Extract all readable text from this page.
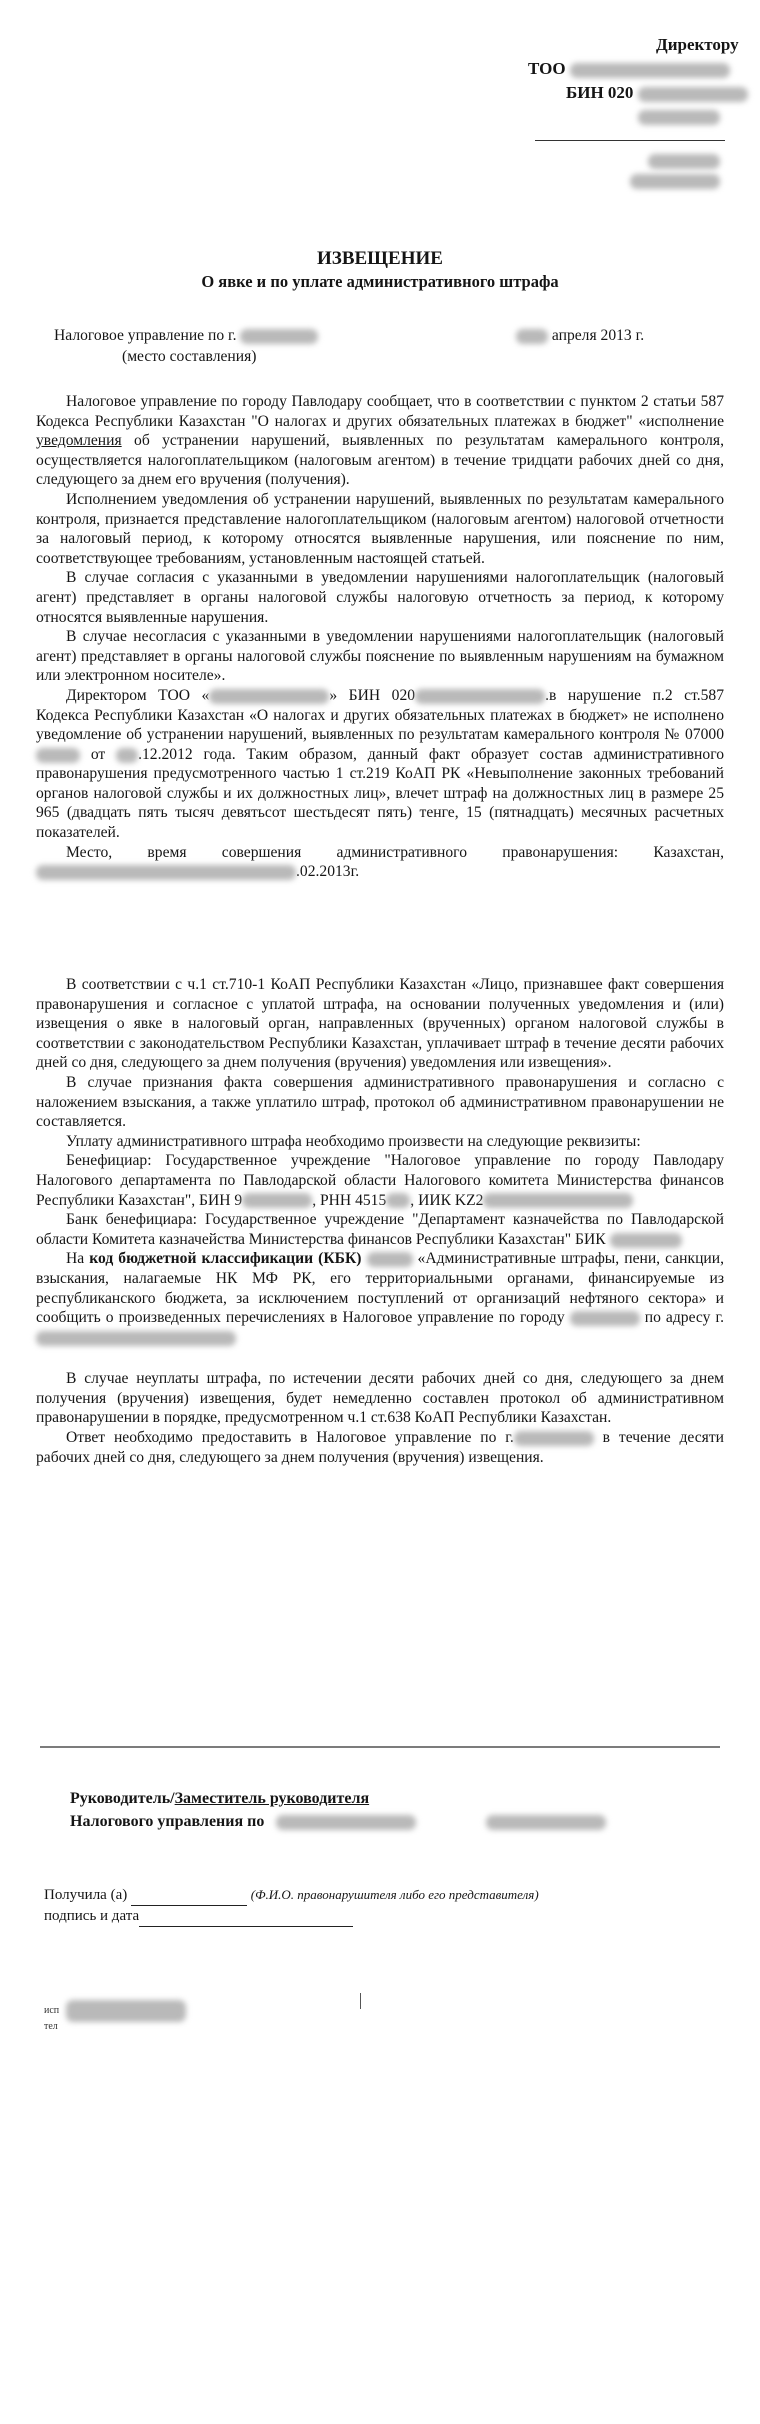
Директору
ТОО
БИН 020
ИЗВЕЩЕНИЕ
О явке и по уплате административного штрафа
Налоговое управление по г.	апреля 2013 г.
(место составления)

Налоговое управление по городу Павлодару сообщает, что в соответствии с пунктом 2 статьи 587 Кодекса Республики Казахстан "О налогах и других обязательных платежах в бюджет" «исполнение уведомления об устранении нарушений, выявленных по результатам камерального контроля, осуществляется налогоплательщиком (налоговым агентом) в течение тридцати рабочих дней со дня, следующего за днем его вручения (получения).

Исполнением уведомления об устранении нарушений, выявленных по результатам камерального контроля, признается представление налогоплательщиком (налоговым агентом) налоговой отчетности за налоговый период, к которому относятся выявленные нарушения, или пояснение по ним, соответствующее требованиям, установленным настоящей статьей.

В случае согласия с указанными в уведомлении нарушениями налогоплательщик (налоговый агент) представляет в органы налоговой службы налоговую отчетность за период, к которому относятся выявленные нарушения.

В случае несогласия с указанными в уведомлении нарушениями налогоплательщик (налоговый агент) представляет в органы налоговой службы пояснение по выявленным нарушениям на бумажном или электронном носителе».

Директором ТОО «	» БИН 020	.в нарушение п.2 ст.587 Кодекса Республики Казахстан «О налогах и других обязательных платежах в бюджет» не исполнено уведомление об устранении нарушений, выявленных по результатам камерального контроля № 07000 от .12.2012 года. Таким образом, данный факт образует состав административного правонарушения предусмотренного частью 1 ст.219 КоАП РК «Невыполнение законных требований органов налоговой службы и их должностных лиц», влечет штраф на должностных лиц в размере 25 965 (двадцать пять тысяч девятьсот шестьдесят пять) тенге, 15 (пятнадцать) месячных расчетных показателей.

Место, время совершения административного правонарушения: Казахстан, .02.2013г.

В соответствии с ч.1 ст.710-1 КоАП Республики Казахстан «Лицо, признавшее факт совершения правонарушения и согласное с уплатой штрафа, на основании полученных уведомления и (или) извещения о явке в налоговый орган, направленных (врученных) органом налоговой службы в соответствии с законодательством Республики Казахстан, уплачивает штраф в течение десяти рабочих дней со дня, следующего за днем получения (вручения) уведомления или извещения».

В случае признания факта совершения административного правонарушения и согласно с наложением взыскания, а также уплатило штраф, протокол об административном правонарушении не составляется.

Уплату административного штрафа необходимо произвести на следующие реквизиты:

Бенефициар: Государственное учреждение "Налоговое управление по городу Павлодару Налогового департамента по Павлодарской области Налогового комитета Министерства финансов Республики Казахстан", БИН 9	, РНН 4515 , ИИК KZ2

Банк бенефициара: Государственное учреждение "Департамент казначейства по Павлодарской области Комитета казначейства Министерства финансов Республики Казахстан" БИК

На код бюджетной классификации (КБК)	«Административные штрафы, пени, санкции, взыскания, налагаемые НК МФ РК, его территориальными органами, финансируемые из республиканского бюджета, за исключением поступлений от организаций нефтяного сектора» и сообщить о произведенных перечислениях в Налоговое управление по городу	по адресу г.

В случае неуплаты штрафа, по истечении десяти рабочих дней со дня, следующего за днем получения (вручения) извещения, будет немедленно составлен протокол об административном правонарушении в порядке, предусмотренном ч.1 ст.638 КоАП Республики Казахстан.

Ответ необходимо предоставить в Налоговое управление по г.	в течение десяти рабочих дней со дня, следующего за днем получения (вручения) извещения.

Руководитель/Заместитель руководителя
Налогового управления по
Получила (а)	(Ф.И.О. правонарушителя либо его представителя)
подпись и дата
исп
тел
